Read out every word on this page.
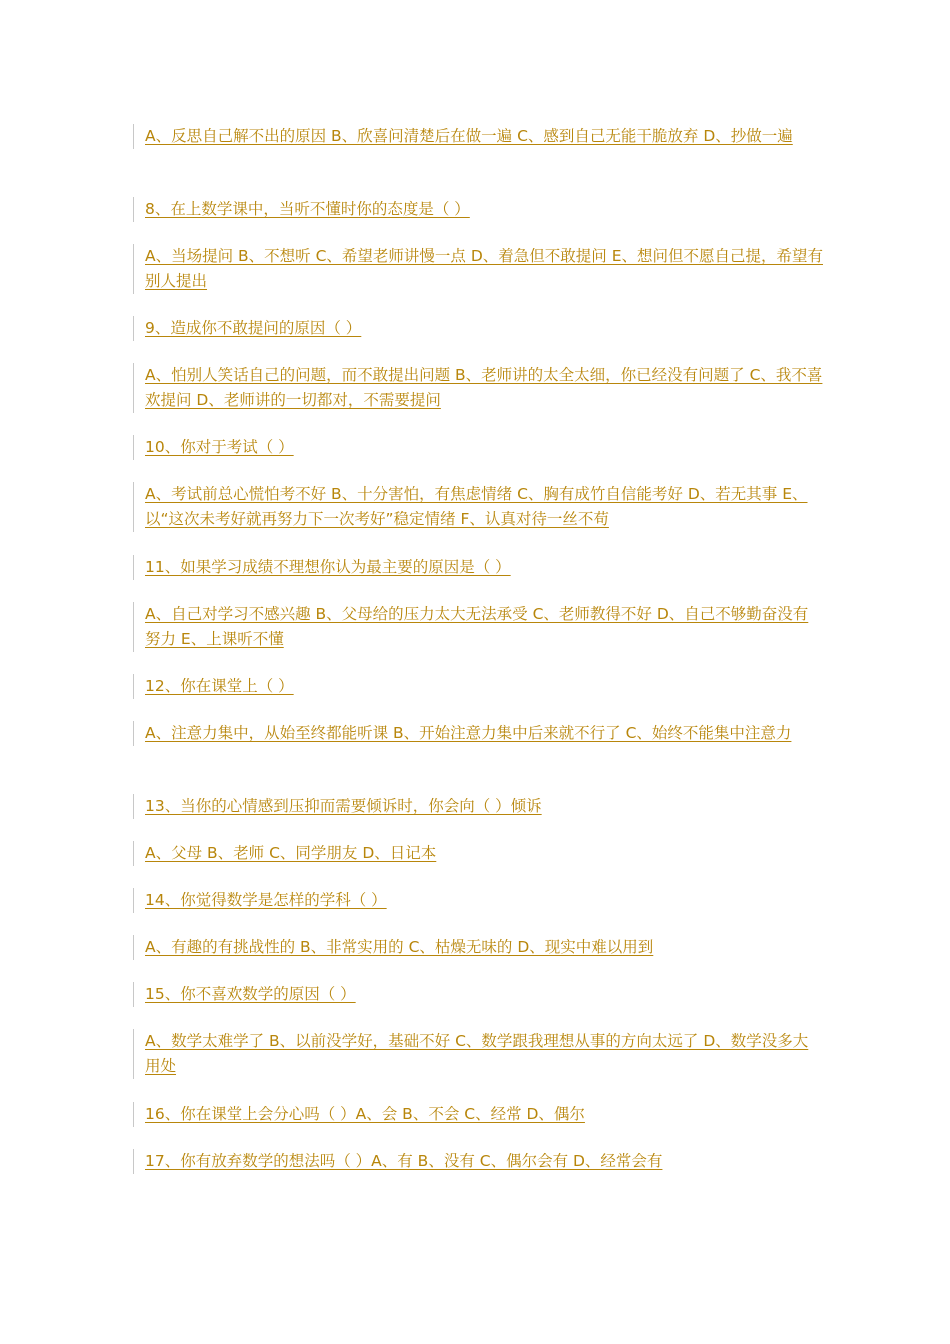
A、反思自己解不出的原因 B、欣喜问清楚后在做一遍 C、感到自己无能干脆放弃 D、抄做一遍
8、在上数学课中，当听不懂时你的态度是（ ）
A、当场提问 B、不想听 C、希望老师讲慢一点 D、着急但不敢提问 E、想问但不愿自己提，希望有别人提出
9、造成你不敢提问的原因（ ）
A、怕别人笑话自己的问题，而不敢提出问题 B、老师讲的太全太细，你已经没有问题了 C、我不喜欢提问 D、老师讲的一切都对，不需要提问
10、你对于考试（ ）
A、考试前总心慌怕考不好 B、十分害怕，有焦虑情绪 C、胸有成竹自信能考好 D、若无其事 E、以“这次未考好就再努力下一次考好”稳定情绪 F、认真对待一丝不苟
11、如果学习成绩不理想你认为最主要的原因是（ ）
A、自己对学习不感兴趣 B、父母给的压力太大无法承受 C、老师教得不好 D、自己不够勤奋没有努力 E、上课听不懂
12、你在课堂上（ ）
A、注意力集中，从始至终都能听课 B、开始注意力集中后来就不行了 C、始终不能集中注意力
13、当你的心情感到压抑而需要倾诉时，你会向（ ）倾诉
A、父母 B、老师 C、同学朋友 D、日记本
14、你觉得数学是怎样的学科（ ）
A、有趣的有挑战性的 B、非常实用的 C、枯燥无味的 D、现实中难以用到
15、你不喜欢数学的原因（ ）
A、数学太难学了 B、以前没学好，基础不好 C、数学跟我理想从事的方向太远了 D、数学没多大用处
16、你在课堂上会分心吗（ ）A、会 B、不会 C、经常 D、偶尔
17、你有放弃数学的想法吗（ ）A、有 B、没有 C、偶尔会有 D、经常会有
